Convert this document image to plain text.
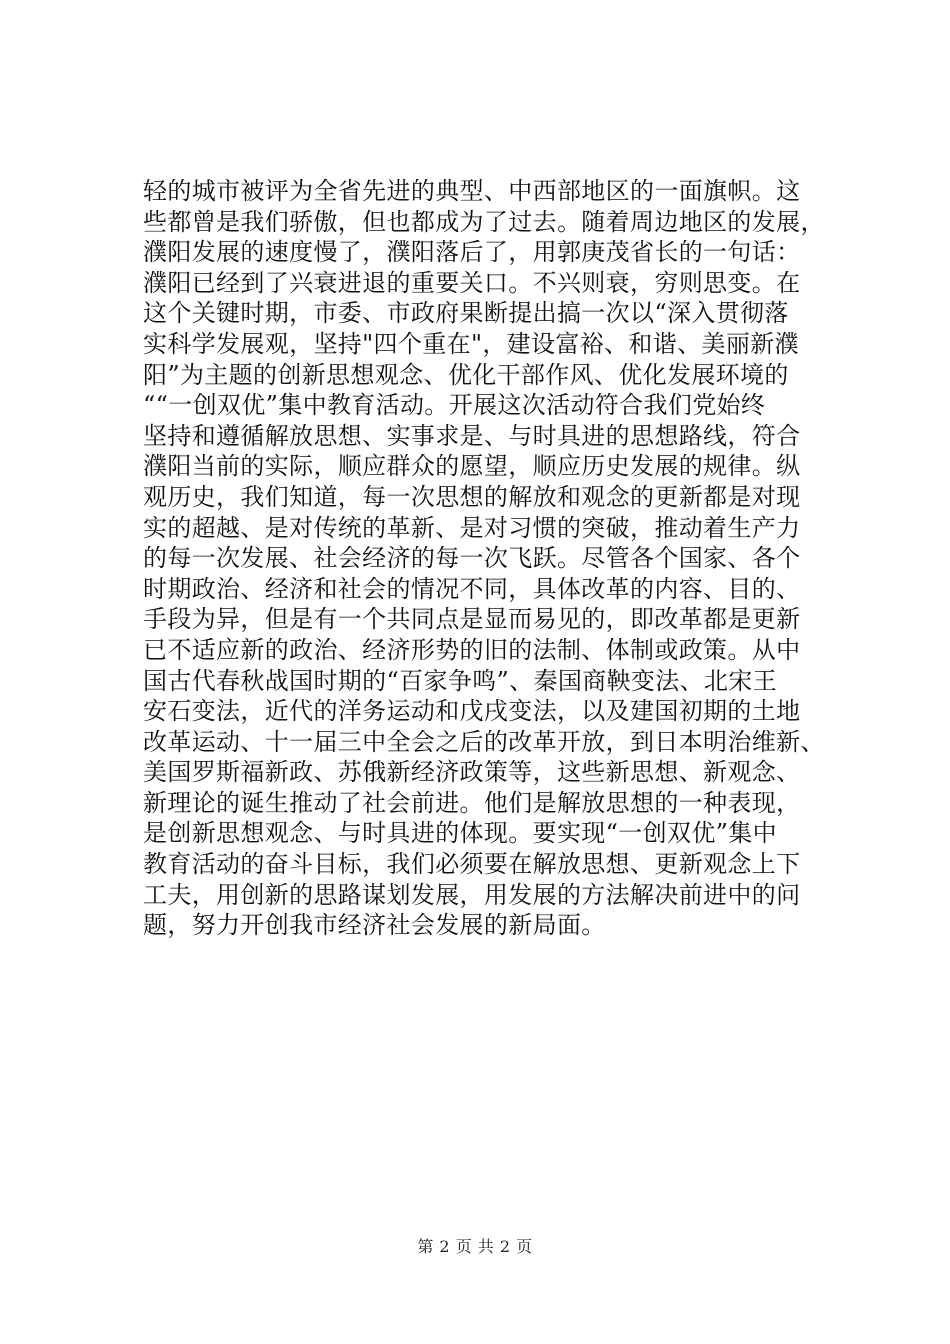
轻的城市被评为全省先进的典型、中西部地区的一面旗帜。这
些都曾是我们骄傲，但也都成为了过去。随着周边地区的发展，
濮阳发展的速度慢了，濮阳落后了，用郭庚茂省长的一句话：
濮阳已经到了兴衰进退的重要关口。不兴则衰，穷则思变。在
这个关键时期，市委、市政府果断提出搞一次以“深入贯彻落
实科学发展观，坚持"四个重在"，建设富裕、和谐、美丽新濮
阳”为主题的创新思想观念、优化干部作风、优化发展环境的
““一创双优”集中教育活动。开展这次活动符合我们党始终
坚持和遵循解放思想、实事求是、与时具进的思想路线，符合
濮阳当前的实际，顺应群众的愿望，顺应历史发展的规律。纵
观历史，我们知道，每一次思想的解放和观念的更新都是对现
实的超越、是对传统的革新、是对习惯的突破，推动着生产力
的每一次发展、社会经济的每一次飞跃。尽管各个国家、各个
时期政治、经济和社会的情况不同，具体改革的内容、目的、
手段为异，但是有一个共同点是显而易见的，即改革都是更新
已不适应新的政治、经济形势的旧的法制、体制或政策。从中
国古代春秋战国时期的“百家争鸣”、秦国商鞅变法、北宋王
安石变法，近代的洋务运动和戊戌变法，以及建国初期的土地
改革运动、十一届三中全会之后的改革开放，到日本明治维新、
美国罗斯福新政、苏俄新经济政策等，这些新思想、新观念、
新理论的诞生推动了社会前进。他们是解放思想的一种表现，
是创新思想观念、与时具进的体现。要实现“一创双优”集中
教育活动的奋斗目标，我们必须要在解放思想、更新观念上下
工夫，用创新的思路谋划发展，用发展的方法解决前进中的问
题，努力开创我市经济社会发展的新局面。
第 2 页 共 2 页
